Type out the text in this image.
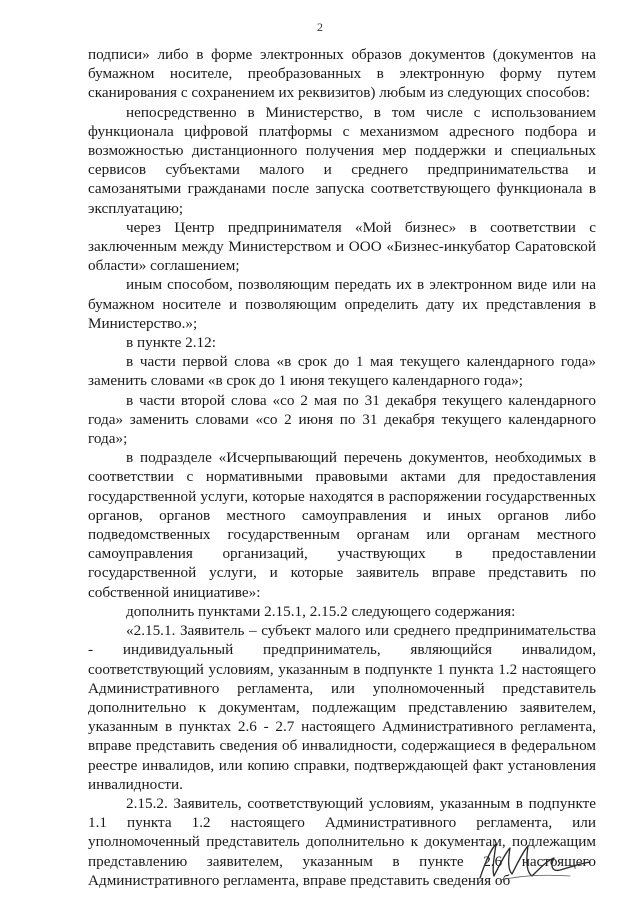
2

подписи» либо в форме электронных образов документов (документов на бумажном носителе, преобразованных в электронную форму путем сканирования с сохранением их реквизитов) любым из следующих способов:

непосредственно в Министерство, в том числе с использованием функционала цифровой платформы с механизмом адресного подбора и возможностью дистанционного получения мер поддержки и специальных сервисов субъектами малого и среднего предпринимательства и самозанятыми гражданами после запуска соответствующего функционала в эксплуатацию;

через Центр предпринимателя «Мой бизнес» в соответствии с заключенным между Министерством и ООО «Бизнес-инкубатор Саратовской области» соглашением;

иным способом, позволяющим передать их в электронном виде или на бумажном носителе и позволяющим определить дату их представления в Министерство.»;

в пункте 2.12:

в части первой слова «в срок до 1 мая текущего календарного года» заменить словами «в срок до 1 июня текущего календарного года»;

в части второй слова «со 2 мая по 31 декабря текущего календарного года» заменить словами «со 2 июня по 31 декабря текущего календарного года»;

в подразделе «Исчерпывающий перечень документов, необходимых в соответствии с нормативными правовыми актами для предоставления государственной услуги, которые находятся в распоряжении государственных органов, органов местного самоуправления и иных органов либо подведомственных государственным органам или органам местного самоуправления организаций, участвующих в предоставлении государственной услуги, и которые заявитель вправе представить по собственной инициативе»:

дополнить пунктами 2.15.1, 2.15.2 следующего содержания:

«2.15.1. Заявитель – субъект малого или среднего предпринимательства - индивидуальный предприниматель, являющийся инвалидом, соответствующий условиям, указанным в подпункте 1 пункта 1.2 настоящего Административного регламента, или уполномоченный представитель дополнительно к документам, подлежащим представлению заявителем, указанным в пунктах 2.6 - 2.7 настоящего Административного регламента, вправе представить сведения об инвалидности, содержащиеся в федеральном реестре инвалидов, или копию справки, подтверждающей факт установления инвалидности.

2.15.2. Заявитель, соответствующий условиям, указанным в подпункте 1.1 пункта 1.2 настоящего Административного регламента, или уполномоченный представитель дополнительно к документам, подлежащим представлению заявителем, указанным в пункте 2.6 настоящего Административного регламента, вправе представить сведения об
